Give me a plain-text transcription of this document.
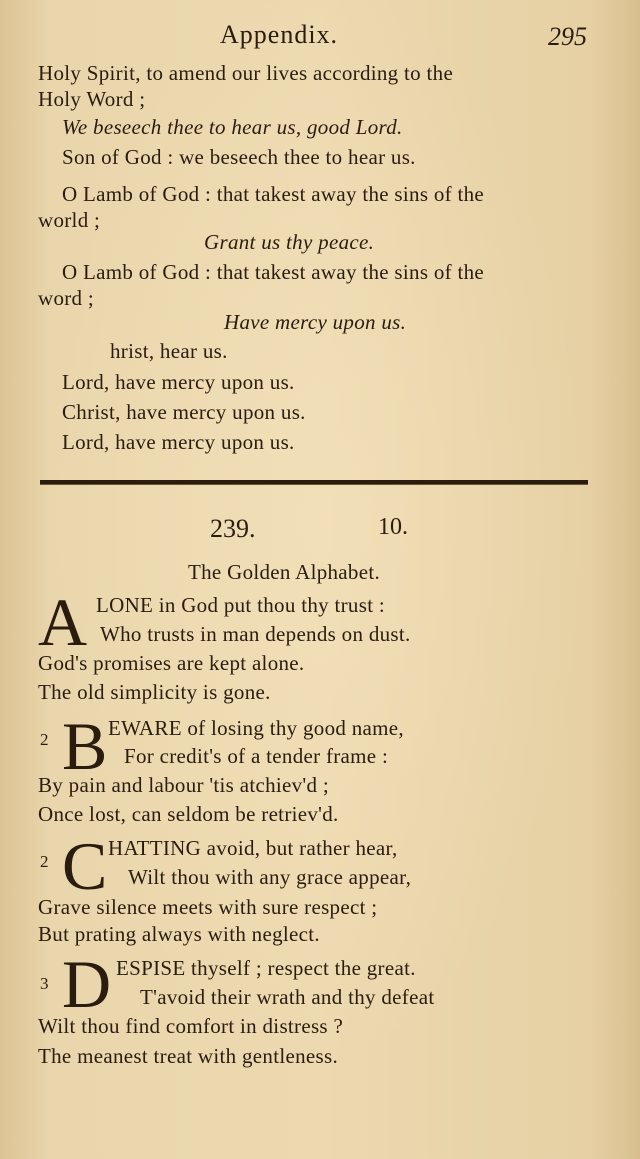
Appendix.	295
Holy Spirit, to amend our lives according to the
Holy Word ;
We beseech thee to hear us, good Lord.
Son of God : we beseech thee to hear us.
O Lamb of God : that takest away the sins of the
world ;
Grant us thy peace.
O Lamb of God : that takest away the sins of the
word ;
Have mercy upon us.
hrist, hear us.
Lord, have mercy upon us.
Christ, have mercy upon us.
Lord, have mercy upon us.
239.	10.
The Golden Alphabet.
A LONE in God put thou thy trust :
Who trusts in man depends on dust.
God's promises are kept alone.
The old simplicity is gone.
2 B EWARE of losing thy good name,
For credit's of a tender frame :
By pain and labour 'tis atchiev'd ;
Once lost, can seldom be retriev'd.
2 C HATTING avoid, but rather hear,
Wilt thou with any grace appear,
Grave silence meets with sure respect ;
But prating always with neglect.
3 D ESPISE thyself ; respect the great.
T'avoid their wrath and thy defeat
Wilt thou find comfort in distress ?
The meanest treat with gentleness.
